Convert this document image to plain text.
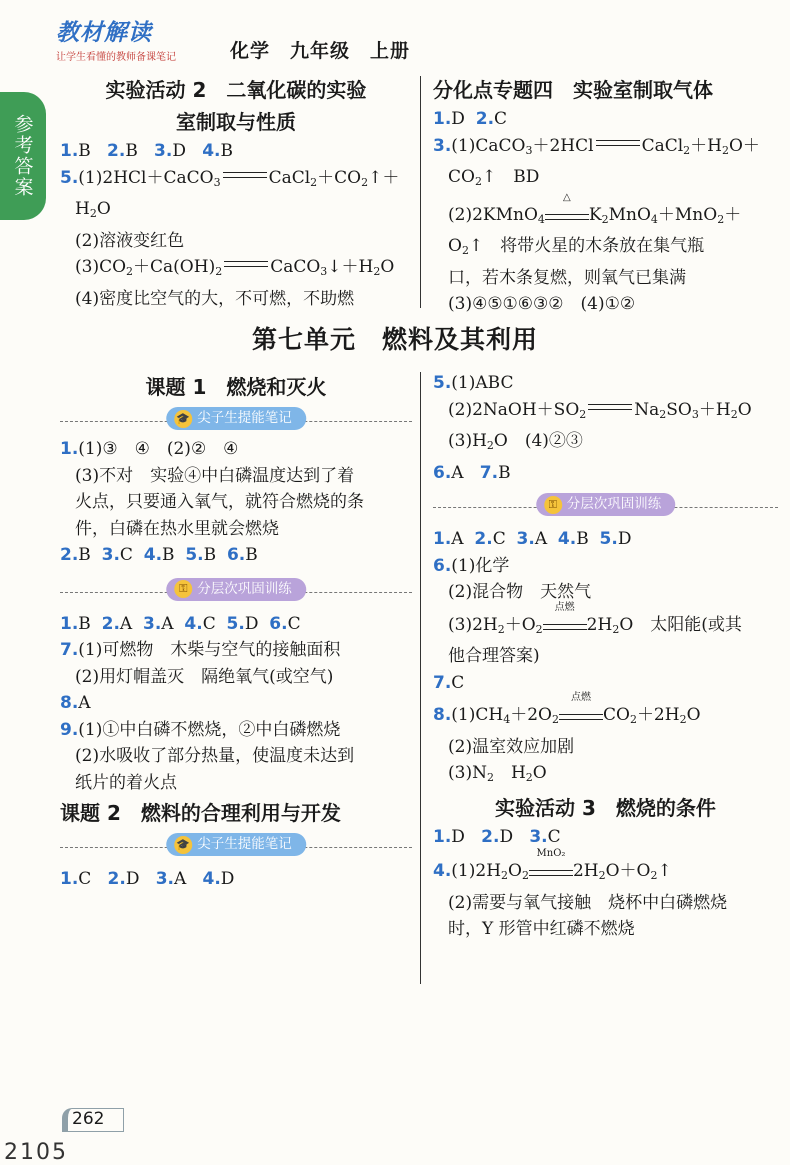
参考答案
教材解读
让学生看懂的教师备课笔记	化学　九年级　上册
实验活动 2　二氧化碳的实验
室制取与性质
1.B 2.B 3.D 4.B
5.(1)2HCl＋CaCO$_3$	$CaCl_2+CO_2↑+$
$H_2O$
(2)溶液变红色
$(3)CO_2+Ca(OH)_2$	$CaCO_3↓+H_2O$
(4)密度比空气的大，不可燃，不助燃
分化点专题四　实验室制取气体
1.D 2.C
3.(1)CaCO$_3$＋2HCl	$CaCl_2+H_2O+$
$CO_2↑$　BD
(2)2KMnO$_4$
△
$K_2MnO_4+MnO_2+$
$O_2↑$　将带火星的木条放在集气瓶
口，若木条复燃，则氧气已集满
(3)④⑤①⑥③②　(4)①②
第七单元　燃料及其利用
课题 1　燃烧和灭火
🎓 尖子生提能笔记
1.(1)③　④　(2)②　④
(3)不对　实验④中白磷温度达到了着
火点，只要通入氧气，就符合燃烧的条
件，白磷在热水里就会燃烧
2.B 3.C 4.B 5.B 6.B
⚿ 分层次巩固训练
1.B 2.A 3.A 4.C 5.D 6.C
7.(1)可燃物　木柴与空气的接触面积
(2)用灯帽盖灭　隔绝氧气(或空气)
8.A
9.(1)①中白磷不燃烧，②中白磷燃烧
(2)水吸收了部分热量，使温度未达到
纸片的着火点
课题 2　燃料的合理利用与开发
🎓 尖子生提能笔记
1.C 2.D 3.A 4.D
5.(1)ABC
$(2)2NaOH+SO_2$	$Na_2SO_3+H_2O$
$(3)H_2O$　(4)②③
6.A 7.B
⚿ 分层次巩固训练
1.A 2.C 3.A 4.B 5.D
6.(1)化学
(2)混合物　天然气
$(3)2H_2+O_2$
点燃
$2H_2O$　太阳能(或其
他合理答案)
7.C
$8.(1)CH_4+2O_2$
点燃
$CO_2+2H_2O$
(2)温室效应加剧
$(3)N_2$　$H_2O$
实验活动 3　燃烧的条件
1.D 2.D 3.C
$4.(1)2H_2O_2$
MnO₂
$2H_2O+O_2↑$
(2)需要与氧气接触　烧杯中白磷燃烧
时，Y 形管中红磷不燃烧
262
2105
